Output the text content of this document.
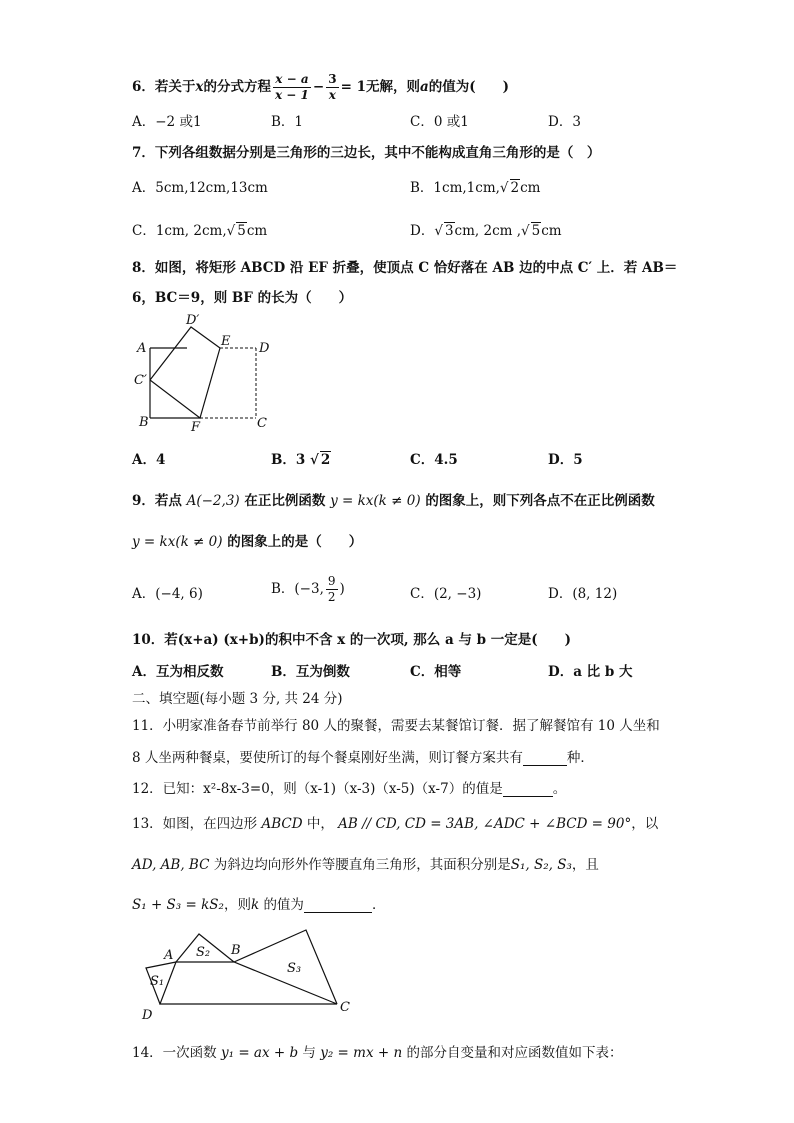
6．若关于x的分式方程 $\frac{x - a}{x - 1} - \frac{3}{x} = 1$无解，则a的值为(　　)
A．−2 或1	B．1	C．0 或1	D．3
7．下列各组数据分别是三角形的三边长，其中不能构成直角三角形的是（　）
A．5cm,12cm,13cm	B．1cm,1cm,√ 2cm
C．1cm, 2cm,√ 5cm	D．√ 3cm, 2cm ,√ 5cm
8．如图，将矩形 ABCD 沿 EF 折叠，使顶点 C 恰好落在 AB 边的中点 C′ 上．若 AB＝
6，BC＝9，则 BF 的长为（　　）
D′
A	E D
C′
B	F	C
A．4	B．3 √ 2	C．4.5	D．5
9．若点 A(−2,3) 在正比例函数 y = kx(k ≠ 0) 的图象上，则下列各点不在正比例函数
y = kx(k ≠ 0) 的图象上的是（　　）
A．(−4, 6)	B．(−3, $\frac{9}{2}$ )	C．(2, −3)	D．(8, 12)
10．若(x+a) (x+b)的积中不含 x 的一次项, 那么 a 与 b 一定是(　　)
A．互为相反数	B．互为倒数	C．相等	D．a 比 b 大
二、填空题(每小题 3 分, 共 24 分)
11．小明家准备春节前举行 80 人的聚餐，需要去某餐馆订餐．据了解餐馆有 10 人坐和
8 人坐两种餐桌，要使所订的每个餐桌刚好坐满，则订餐方案共有	种．
12．已知：x²-8x-3=0，则（x-1)（x-3)（x-5)（x-7）的值是	。
13．如图，在四边形 ABCD 中， AB // CD, CD = 3AB, ∠ADC + ∠BCD = 90°，以
AD, AB, BC 为斜边均向形外作等腰直角三角形，其面积分别是S₁, S₂, S₃，且
S₁ + S₃ = kS₂，则k 的值为	．
A	B
C
D
S₁
S₂
S₃
14．一次函数 y₁ = ax + b 与 y₂ = mx + n 的部分自变量和对应函数值如下表：
